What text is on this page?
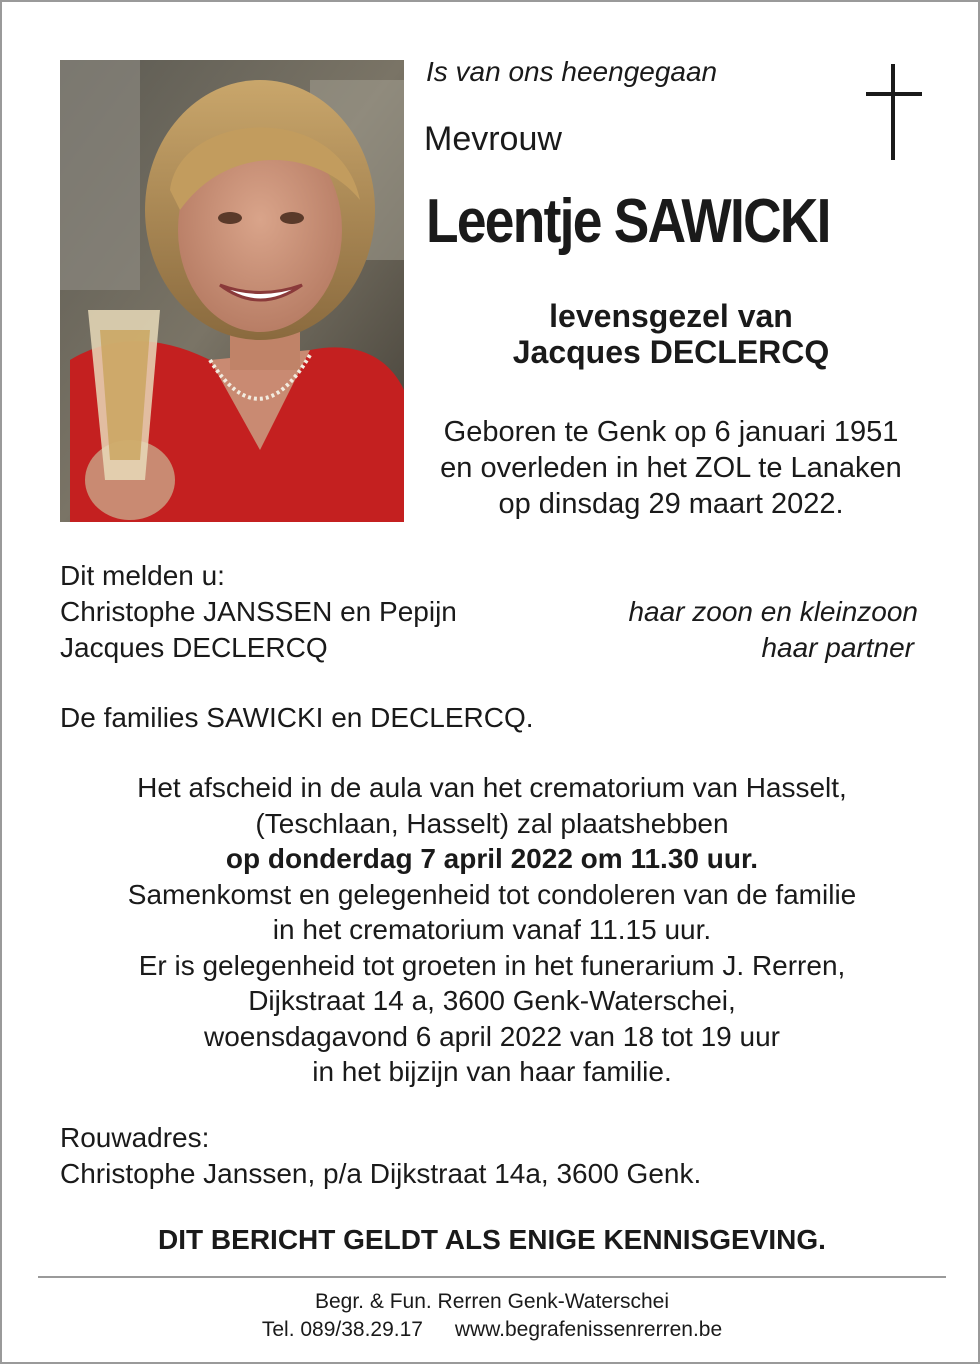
Is van ons heengegaan
Mevrouw
Leentje SAWICKI
levensgezel van
Jacques DECLERCQ
Geboren te Genk op 6 januari 1951
en overleden in het ZOL te Lanaken
op dinsdag 29 maart 2022.
Dit melden u:
Christophe JANSSEN en Pepijn	haar zoon en kleinzoon
Jacques DECLERCQ	haar partner
De families SAWICKI en DECLERCQ.
Het afscheid in de aula van het crematorium van Hasselt,
(Teschlaan, Hasselt) zal plaatshebben
op donderdag 7 april 2022 om 11.30 uur.
Samenkomst en gelegenheid tot condoleren van de familie
in het crematorium vanaf 11.15 uur.
Er is gelegenheid tot groeten in het funerarium J. Rerren,
Dijkstraat 14 a, 3600 Genk-Waterschei,
woensdagavond 6 april 2022 van 18 tot 19 uur
in het bijzijn van haar familie.
Rouwadres:
Christophe Janssen, p/a Dijkstraat 14a, 3600 Genk.
DIT BERICHT GELDT ALS ENIGE KENNISGEVING.
Begr. & Fun. Rerren Genk-Waterschei
Tel. 089/38.29.17 www.begrafenissenrerren.be
